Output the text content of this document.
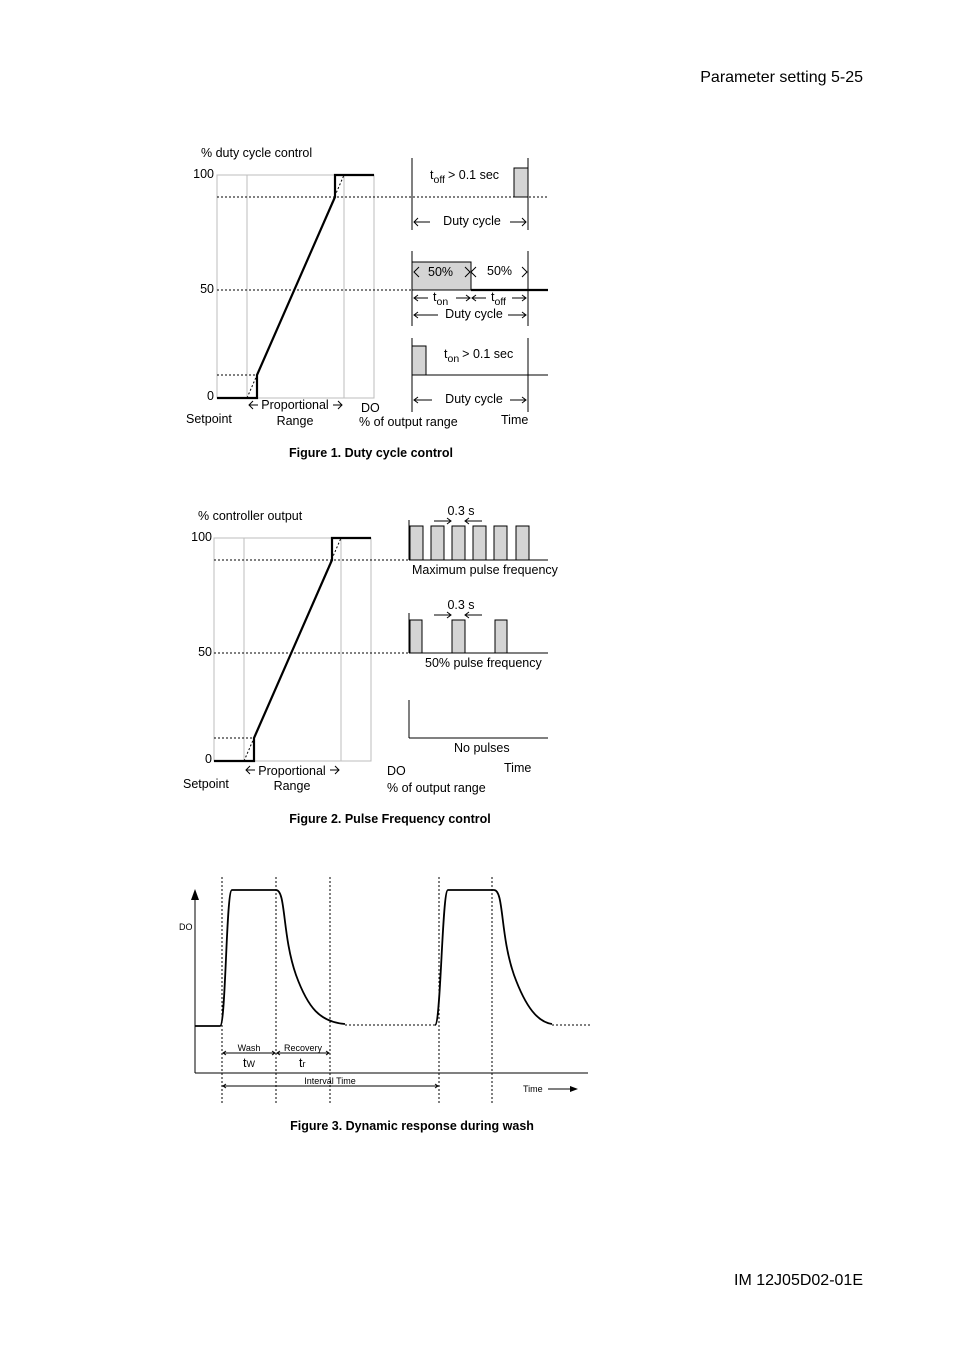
Parameter setting 5-25
% duty cycle control
100
50
0
Proportional
Range
Setpoint
DO
% of output range
$t_{off} > 0.1$ sec
Duty cycle
50%	50%
$t_{on}$	$t_{off}$
Duty cycle
$t_{on} > 0.1$ sec
Duty cycle
Time
Figure 1. Duty cycle control
% controller output
100
50
0
Proportional
Range
Setpoint
DO
% of output range
0.3 s
Maximum pulse frequency
0.3 s
50% pulse frequency
No pulses
Time
Figure 2. Pulse Frequency control
DO
Wash
tW
Recovery
tr
Interval Time
Time
Figure 3. Dynamic response during wash
IM 12J05D02-01E
